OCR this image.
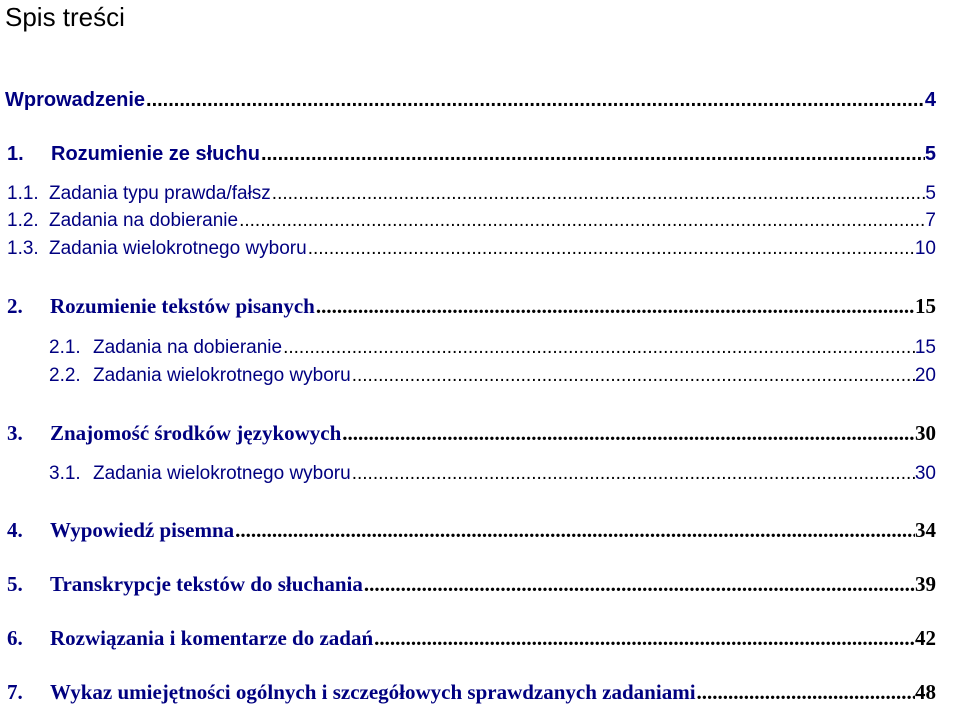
Spis treści
Wprowadzenie .....	4
1.	Rozumienie ze słuchu .....	5
1.1. Zadania typu prawda/fałsz .....	5
1.2. Zadania na dobieranie .....	7
1.3. Zadania wielokrotnego wyboru .....	10
2.	Rozumienie tekstów pisanych .....	15
2.1. Zadania na dobieranie .....	15
2.2. Zadania wielokrotnego wyboru .....	20
3.	Znajomość środków językowych .....	30
3.1. Zadania wielokrotnego wyboru .....	30
4.	Wypowiedź pisemna .....	34
5.	Transkrypcje tekstów do słuchania .....	39
6.	Rozwiązania i komentarze do zadań .....	42
7.	Wykaz umiejętności ogólnych i szczegółowych sprawdzanych zadaniami .....	48
